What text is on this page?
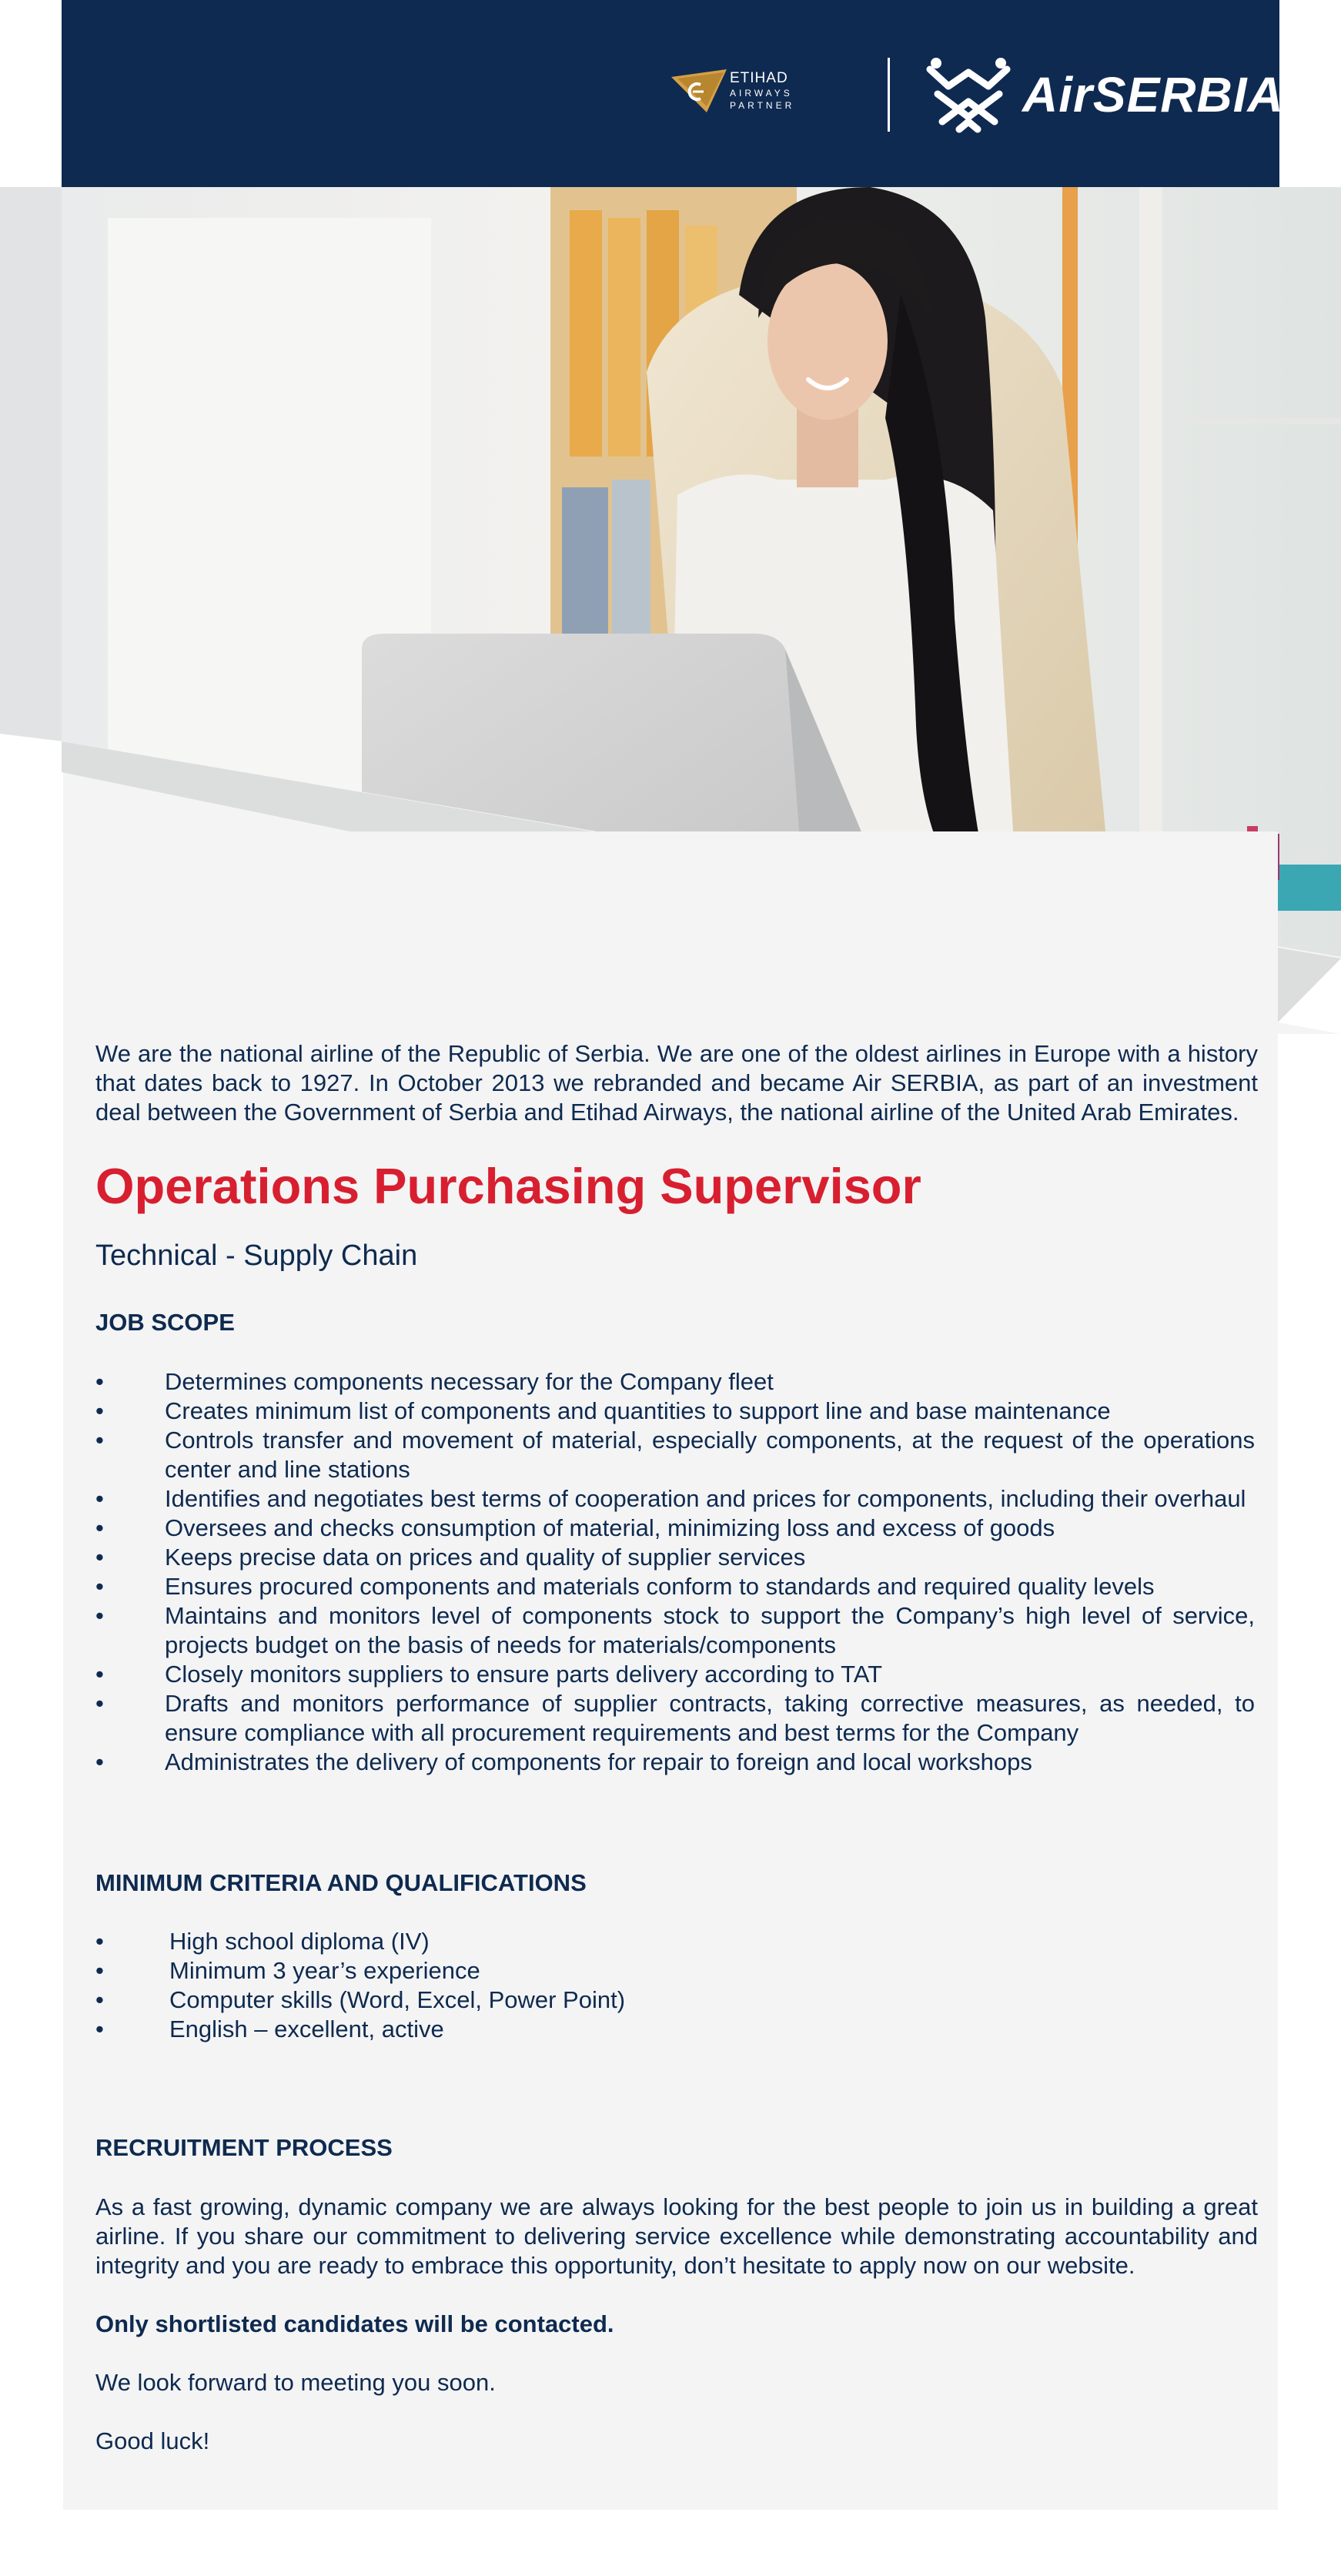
ETIHAD
AIRWAYS
PARTNER	AirSERBIA
We are the national airline of the Republic of Serbia. We are one of the oldest airlines in Europe with a history that dates back to 1927. In October 2013 we rebranded and became Air SERBIA, as part of an investment deal between the Government of Serbia and Etihad Airways, the national airline of the United Arab Emirates.
Operations Purchasing Supervisor
Technical - Supply Chain
JOB SCOPE
•	Determines components necessary for the Company fleet
•	Creates minimum list of components and quantities to support line and base maintenance
•	Controls transfer and movement of material, especially components, at the request of the operations center and line stations
•	Identifies and negotiates best terms of cooperation and prices for components, including their overhaul
•	Oversees and checks consumption of material, minimizing loss and excess of goods
•	Keeps precise data on prices and quality of supplier services
•	Ensures procured components and materials conform to standards and required quality levels
•	Maintains and monitors level of components stock to support the Company’s high level of service, projects budget on the basis of needs for materials/components
•	Closely monitors suppliers to ensure parts delivery according to TAT
•	Drafts and monitors performance of supplier contracts, taking corrective measures, as needed, to ensure compliance with all procurement requirements and best terms for the Company
•	Administrates the delivery of components for repair to foreign and local workshops
MINIMUM CRITERIA AND QUALIFICATIONS
•	High school diploma (IV)
•	Minimum 3 year’s experience
•	Computer skills (Word, Excel, Power Point)
•	English – excellent, active
RECRUITMENT PROCESS
As a fast growing, dynamic company we are always looking for the best people to join us in building a great airline. If you share our commitment to delivering service excellence while demonstrating accountability and integrity and you are ready to embrace this opportunity, don’t hesitate to apply now on our website.
Only shortlisted candidates will be contacted.
We look forward to meeting you soon.
Good luck!
